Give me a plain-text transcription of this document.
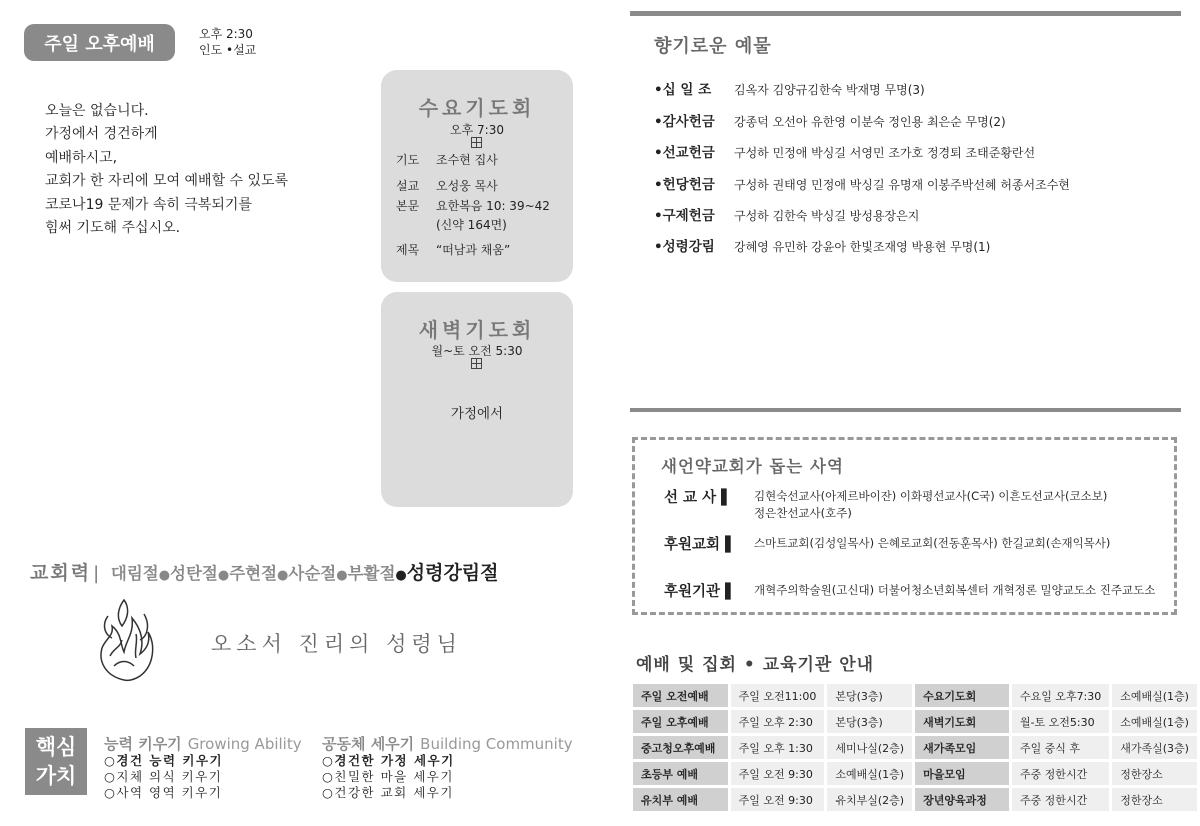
주일 오후예배	오후 2:30
인도 •설교
오늘은 없습니다.
가정에서 경건하게
예배하시고,
교회가 한 자리에 모여 예배할 수 있도록
코로나19 문제가 속히 극복되기를
힘써 기도해 주십시오.
수요기도회
오후 7:30
기도	조수현 집사
설교	오성웅 목사
본문	요한복음 10: 39~42
(신약 164면)
제목	“떠남과 채움”
새벽기도회
월~토 오전 5:30
가정에서
교회력 | 대림절●성탄절●주현절●사순절●부활절●성령강림절
오소서 진리의 성령님
핵심
가치
능력 키우기 Growing Ability
○경건 능력 키우기
○지체 의식 키우기
○사역 영역 키우기
공동체 세우기 Building Community
○경건한 가정 세우기
○친밀한 마을 세우기
○건강한 교회 세우기
향기로운 예물
•십 일 조 김옥자 김양규김한숙 박재명 무명(3)
•감사헌금 강종덕 오선아 유한영 이분숙 정인용 최은순 무명(2)
•선교헌금 구성하 민정애 박싱길 서영민 조가호 정경퇴 조태준황란선
•헌당헌금 구성하 권태영 민정애 박싱길 유명재 이봉주박선혜 허종서조수현
•구제헌금 구성하 김한숙 박싱길 방성용장은지
•성령강림 강혜영 유민하 강윤아 한빛조재영 박용현 무명(1)
새언약교회가 돕는 사역
선 교 사 ▌	김현숙선교사(아제르바이잔) 이화평선교사(C국) 이흔도선교사(코소보)
정은찬선교사(호주)
후원교회 ▌	스마트교회(김성일목사) 은혜로교회(전동훈목사) 한길교회(손재익목사)
후원기관 ▌	개혁주의학술원(고신대) 더불어청소년회복센터 개혁정론 밀양교도소 진주교도소
예배 및 집회 • 교육기관 안내
주일 오전예배	주일 오전11:00	본당(3층)	수요기도회	수요일 오후7:30	소예배실(1층)
주일 오후예배	주일 오후 2:30	본당(3층)	새벽기도회	월-토 오전5:30	소예배실(1층)
중고청오후예배	주일 오후 1:30	세미나실(2층)	새가족모임	주일 중식 후	새가족실(3층)
초등부 예배	주일 오전 9:30	소예배실(1층)	마을모임	주중 정한시간	정한장소
유치부 예배	주일 오전 9:30	유치부실(2층)	장년양육과정	주중 정한시간	정한장소
